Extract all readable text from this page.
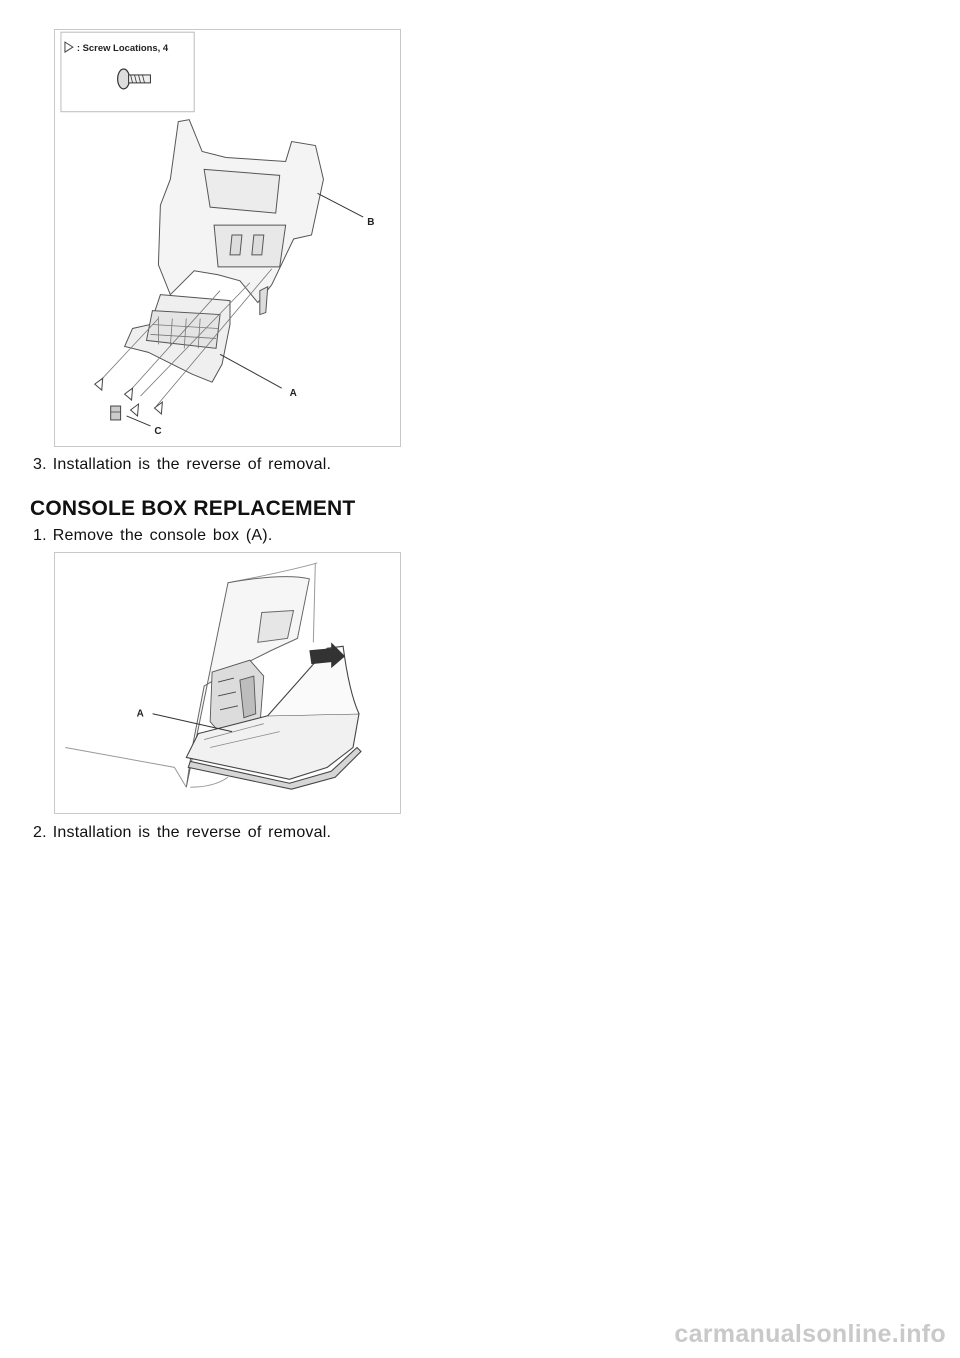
: Screw Locations, 4
B
A
C
3. Installation is the reverse of removal.
CONSOLE BOX REPLACEMENT
1. Remove the console box (A).
A
2. Installation is the reverse of removal.
carmanualsonline.info
